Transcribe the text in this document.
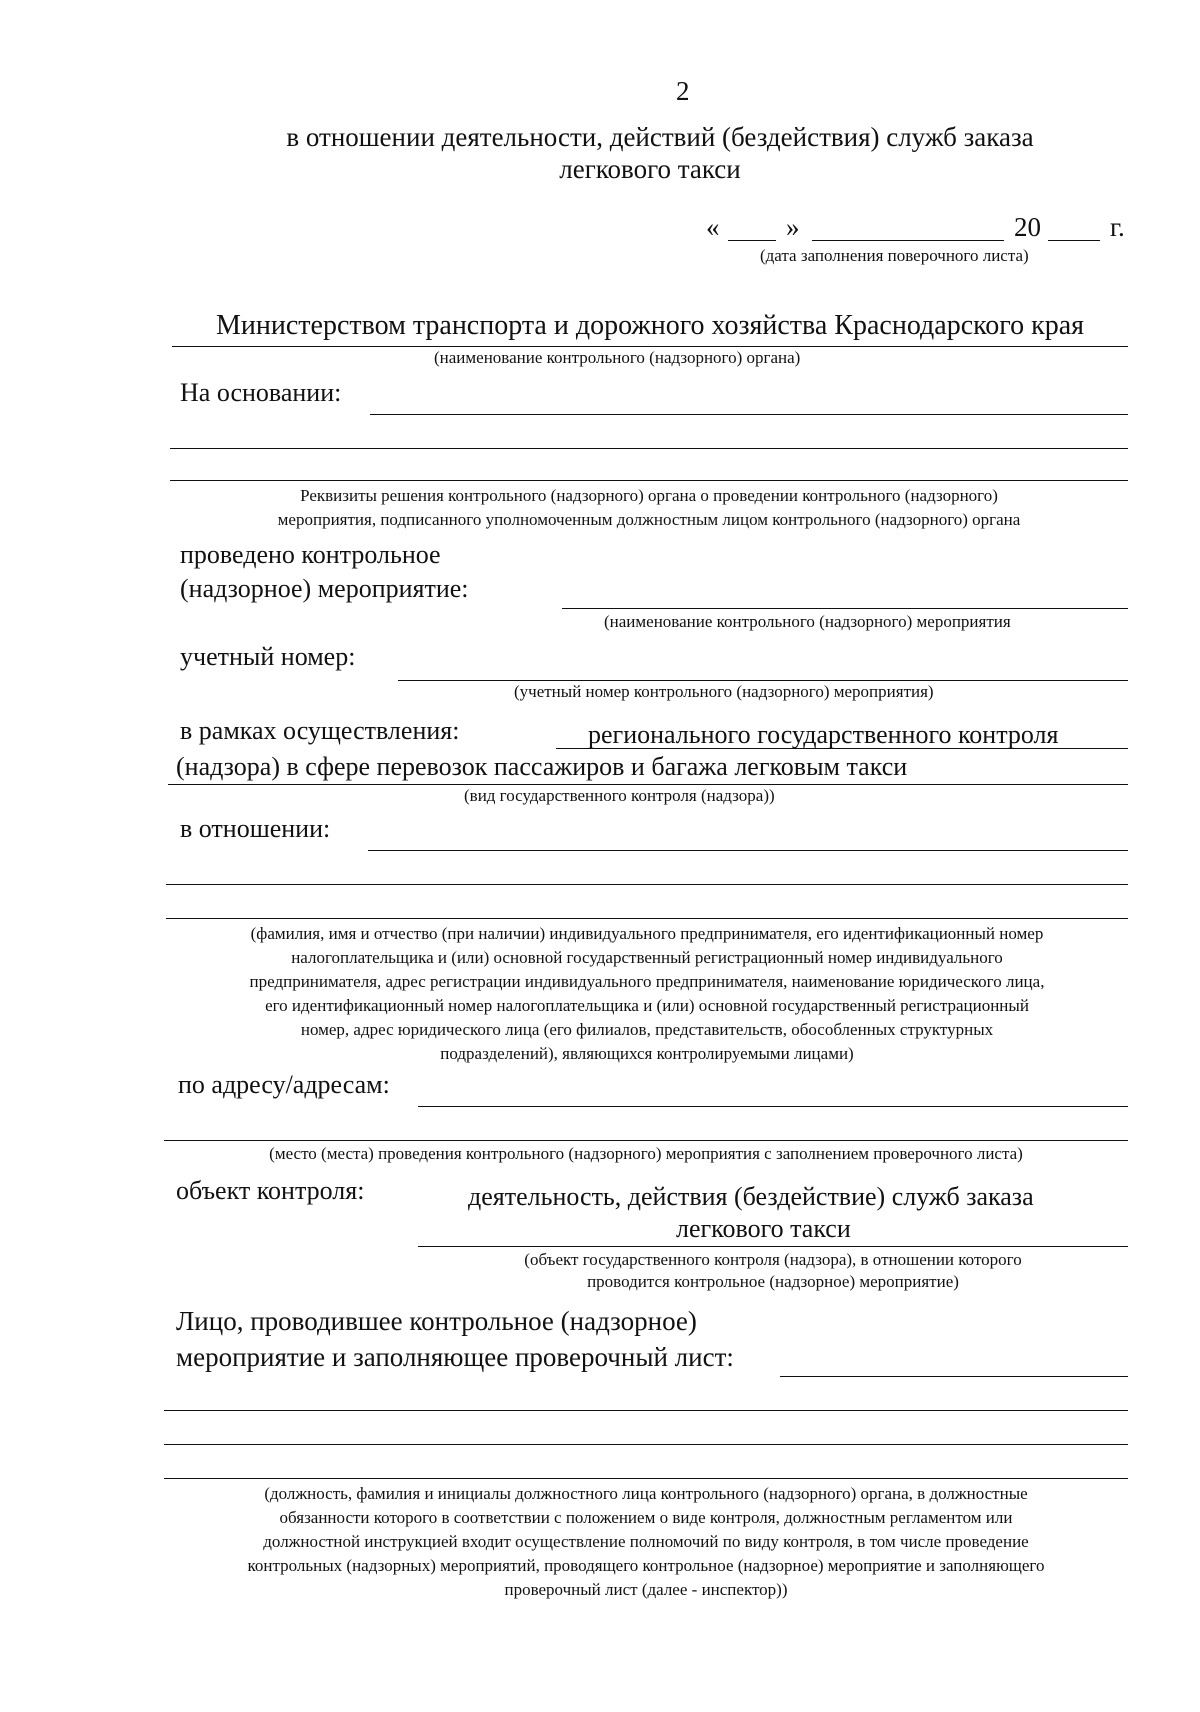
2
в отношении деятельности, действий (бездействия) служб заказа
легкового такси
« »	20	г.
(дата заполнения поверочного листа)
Министерством транспорта и дорожного хозяйства Краснодарского края
(наименование контрольного (надзорного) органа)
На основании:
Реквизиты решения контрольного (надзорного) органа о проведении контрольного (надзорного)
мероприятия, подписанного уполномоченным должностным лицом контрольного (надзорного) органа
проведено контрольное
(надзорное) мероприятие:
(наименование контрольного (надзорного) мероприятия
учетный номер:
(учетный номер контрольного (надзорного) мероприятия)
в рамках осуществления:	регионального государственного контроля
(надзора) в сфере перевозок пассажиров и багажа легковым такси
(вид государственного контроля (надзора))
в отношении:
(фамилия, имя и отчество (при наличии) индивидуального предпринимателя, его идентификационный номер
налогоплательщика и (или) основной государственный регистрационный номер индивидуального
предпринимателя, адрес регистрации индивидуального предпринимателя, наименование юридического лица,
его идентификационный номер налогоплательщика и (или) основной государственный регистрационный
номер, адрес юридического лица (его филиалов, представительств, обособленных структурных
подразделений), являющихся контролируемыми лицами)
по адресу/адресам:
(место (места) проведения контрольного (надзорного) мероприятия с заполнением проверочного листа)
объект контроля:	деятельность, действия (бездействие) служб заказа
легкового такси
(объект государственного контроля (надзора), в отношении которого
проводится контрольное (надзорное) мероприятие)
Лицо, проводившее контрольное (надзорное)
мероприятие и заполняющее проверочный лист:
(должность, фамилия и инициалы должностного лица контрольного (надзорного) органа, в должностные
обязанности которого в соответствии с положением о виде контроля, должностным регламентом или
должностной инструкцией входит осуществление полномочий по виду контроля, в том числе проведение
контрольных (надзорных) мероприятий, проводящего контрольное (надзорное) мероприятие и заполняющего
проверочный лист (далее - инспектор))
